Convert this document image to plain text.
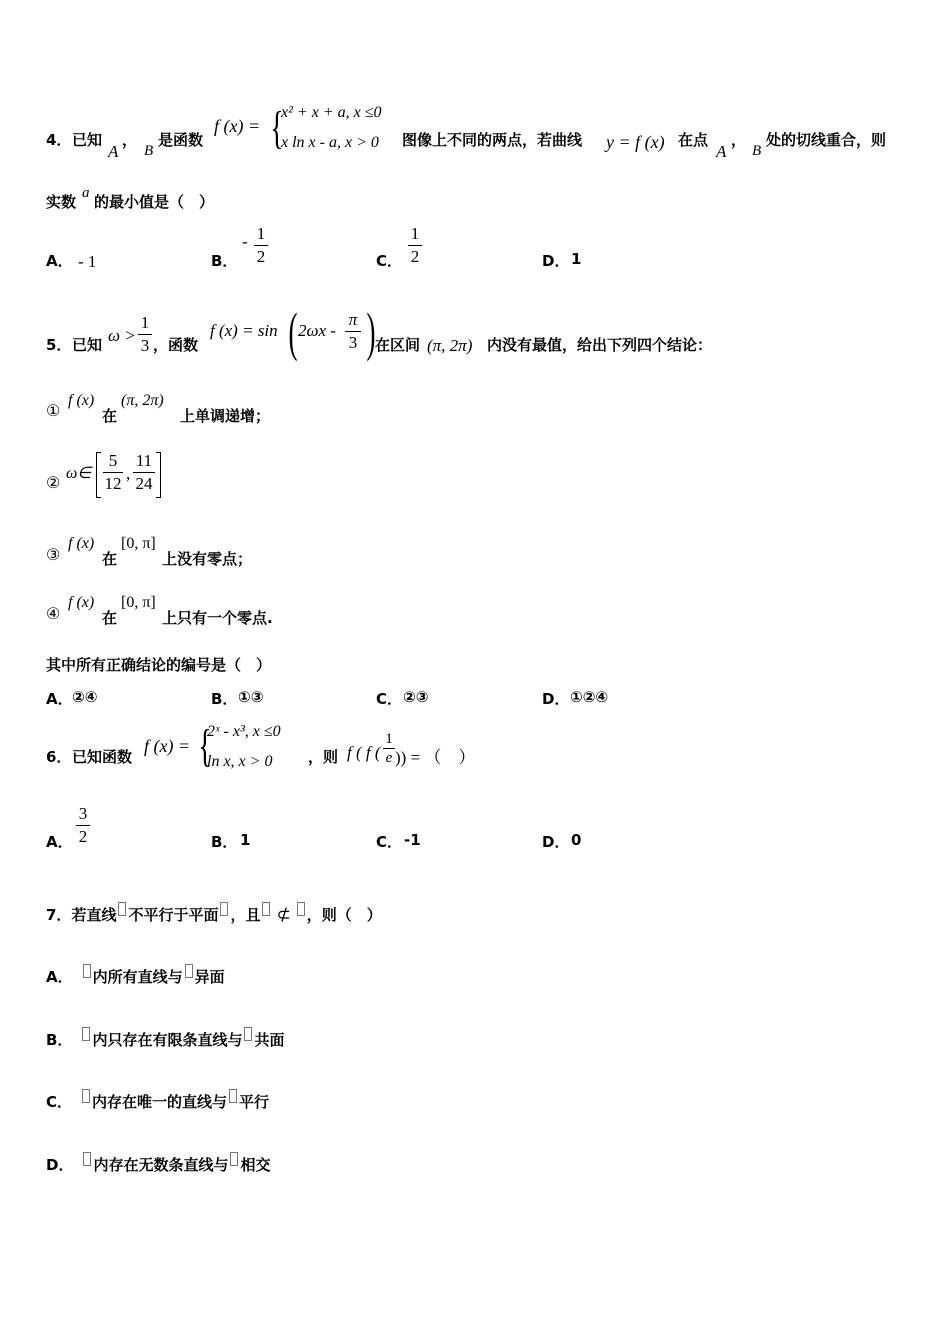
4． 已知
A
，
B
是函数
f (x) = {
x² + x + a, x ≤0
x ln x - a, x > 0 图像上不同的两点，若曲线 y = f (x) 在点
A
，
B
处的切线重合，则
实数 a 的最小值是（　）
A． - 1	B．
- 1
2	C．
1
2	D． 1
5． 已知 ω >
1
3 ，函数
f (x) = sin ( 2ωx -
π
3 ) 在区间 (π, 2π) 内没有最值，给出下列四个结论：
①
f (x)
在
(π, 2π)
上单调递增；
②
ω∈
5
12
,
11
24
③
f (x)
在
[0, π]
上没有零点；
④
f (x)
在
[0, π]
上只有一个零点.
其中所有正确结论的编号是（　）
A． ②④	B． ①③	C． ②③	D． ①②④
6． 已知函数
f (x) = {
2ˣ - x³, x ≤0
ln x, x > 0 ，则 f ( f (
1
e )) = （　）
A．
3
2	B． 1	C． -1	D． 0
7．若直线 不平行于平面 ，且 ⊄ ，则（　）
A． 内所有直线与 异面
B． 内只存在有限条直线与 共面
C． 内存在唯一的直线与 平行
D． 内存在无数条直线与 相交
